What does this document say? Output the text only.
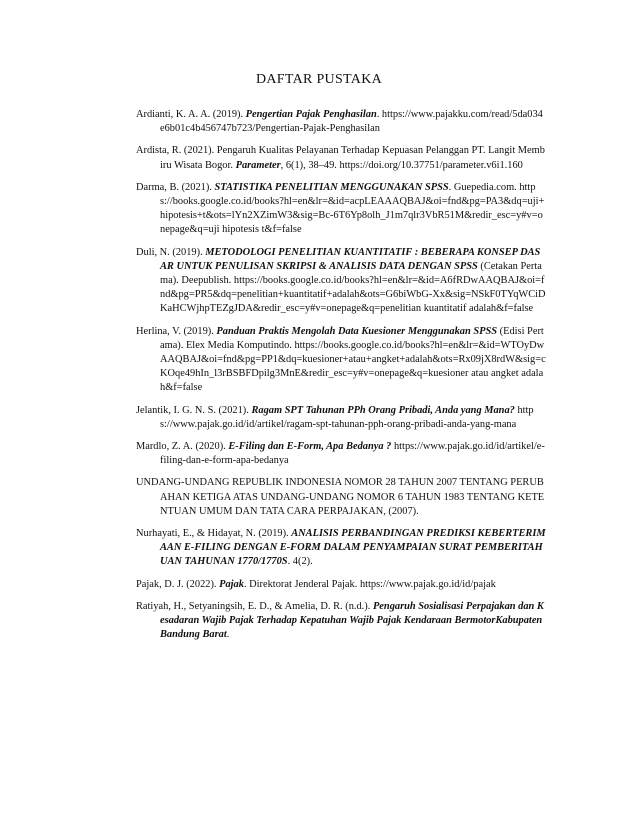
DAFTAR PUSTAKA

Ardianti, K. A. A. (2019). Pengertian Pajak Penghasilan. https://www.pajakku.com/read/5da034e6b01c4b456747b723/Pengertian-Pajak-Penghasilan

Ardista, R. (2021). Pengaruh Kualitas Pelayanan Terhadap Kepuasan Pelanggan PT. Langit Membiru Wisata Bogor. Parameter, 6(1), 38–49. https://doi.org/10.37751/parameter.v6i1.160

Darma, B. (2021). STATISTIKA PENELITIAN MENGGUNAKAN SPSS. Guepedia.com. https://books.google.co.id/books?hl=en&lr=&id=acpLEAAAQBAJ&oi=fnd&pg=PA3&dq=uji+hipotesis+t&ots=lYn2XZimW3&sig=Bc-6T6Yp8olh_J1m7qlr3VbR51M&redir_esc=y#v=onepage&q=uji hipotesis t&f=false

Duli, N. (2019). METODOLOGI PENELITIAN KUANTITATIF : BEBERAPA KONSEP DASAR UNTUK PENULISAN SKRIPSI & ANALISIS DATA DENGAN SPSS (Cetakan Pertama). Deepublish. https://books.google.co.id/books?hl=en&lr=&id=A6fRDwAAQBAJ&oi=fnd&pg=PR5&dq=penelitian+kuantitatif+adalah&ots=G6biWbG-Xx&sig=NSkF0TYqWCiDKaHCWjhpTEZgJDA&redir_esc=y#v=onepage&q=penelitian kuantitatif adalah&f=false

Herlina, V. (2019). Panduan Praktis Mengolah Data Kuesioner Menggunakan SPSS (Edisi Pertama). Elex Media Komputindo. https://books.google.co.id/books?hl=en&lr=&id=WTOyDwAAQBAJ&oi=fnd&pg=PP1&dq=kuesioner+atau+angket+adalah&ots=Rx09jX8rdW&sig=cKOqe49hIn_l3rBSBFDpilg3MnE&redir_esc=y#v=onepage&q=kuesioner atau angket adalah&f=false

Jelantik, I. G. N. S. (2021). Ragam SPT Tahunan PPh Orang Pribadi, Anda yang Mana? https://www.pajak.go.id/id/artikel/ragam-spt-tahunan-pph-orang-pribadi-anda-yang-mana

Mardlo, Z. A. (2020). E-Filing dan E-Form, Apa Bedanya ? https://www.pajak.go.id/id/artikel/e-filing-dan-e-form-apa-bedanya

UNDANG-UNDANG REPUBLIK INDONESIA NOMOR 28 TAHUN 2007 TENTANG PERUBAHAN KETIGA ATAS UNDANG-UNDANG NOMOR 6 TAHUN 1983 TENTANG KETENTUAN UMUM DAN TATA CARA PERPAJAKAN, (2007).

Nurhayati, E., & Hidayat, N. (2019). ANALISIS PERBANDINGAN PREDIKSI KEBERTERIMAAN E-FILING DENGAN E-FORM DALAM PENYAMPAIAN SURAT PEMBERITAHUAN TAHUNAN 1770/1770S. 4(2).

Pajak, D. J. (2022). Pajak. Direktorat Jenderal Pajak. https://www.pajak.go.id/id/pajak

Ratiyah, H., Setyaningsih, E. D., & Amelia, D. R. (n.d.). Pengaruh Sosialisasi Perpajakan dan Kesadaran Wajib Pajak Terhadap Kepatuhan Wajib Pajak Kendaraan BermotorKabupaten Bandung Barat.
